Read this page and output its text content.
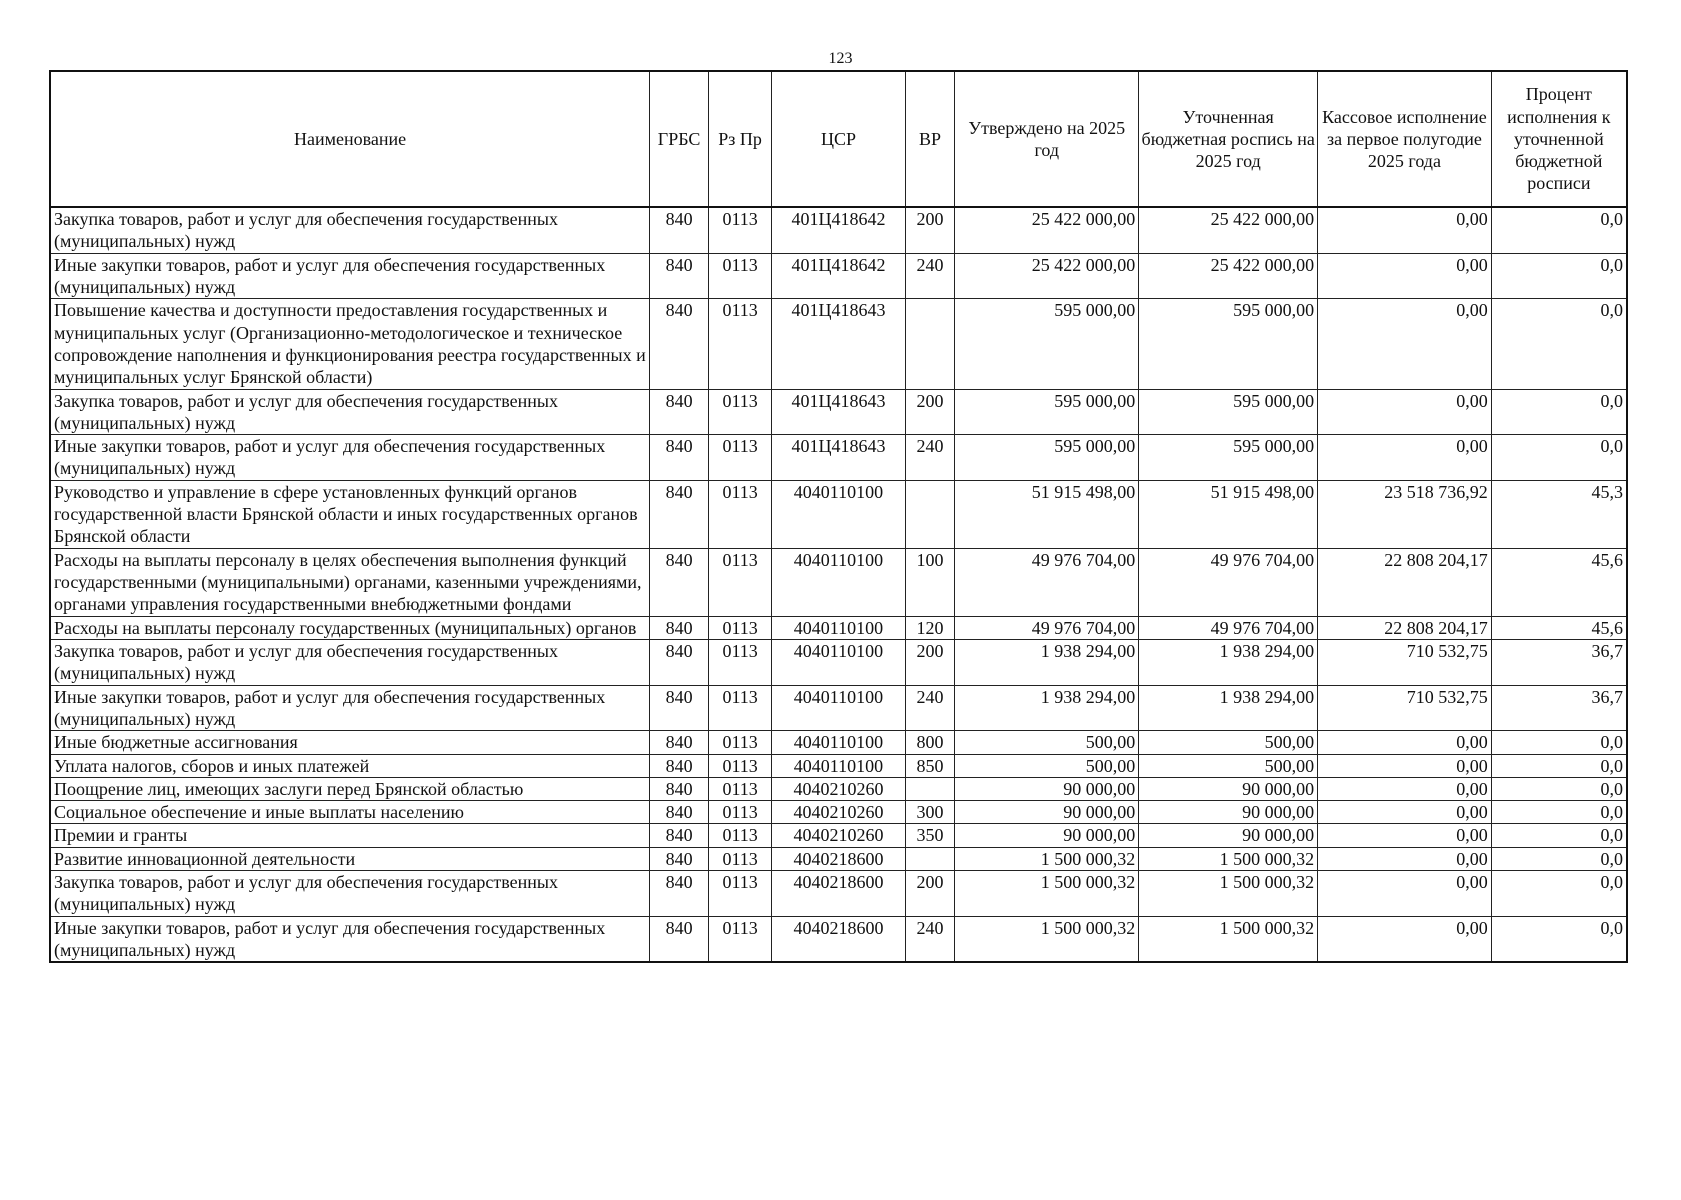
123
Наименование	ГРБС	Рз Пр	ЦСР	ВР	Утверждено на 2025 год	Уточненная бюджетная роспись на 2025 год	Кассовое исполнение за первое полугодие 2025 года	Процент исполнения к уточненной бюджетной росписи
Закупка товаров, работ и услуг для обеспечения государственных (муниципальных) нужд	840	0113	401Ц418642	200	25 422 000,00	25 422 000,00	0,00	0,0
Иные закупки товаров, работ и услуг для обеспечения государственных (муниципальных) нужд	840	0113	401Ц418642	240	25 422 000,00	25 422 000,00	0,00	0,0
Повышение качества и доступности предоставления государственных и муниципальных услуг (Организационно-методологическое и техническое сопровождение наполнения и функционирования реестра государственных и муниципальных услуг Брянской области)	840	0113	401Ц418643		595 000,00	595 000,00	0,00	0,0
Закупка товаров, работ и услуг для обеспечения государственных (муниципальных) нужд	840	0113	401Ц418643	200	595 000,00	595 000,00	0,00	0,0
Иные закупки товаров, работ и услуг для обеспечения государственных (муниципальных) нужд	840	0113	401Ц418643	240	595 000,00	595 000,00	0,00	0,0
Руководство и управление в сфере установленных функций органов государственной власти Брянской области и иных государственных органов Брянской области	840	0113	4040110100		51 915 498,00	51 915 498,00	23 518 736,92	45,3
Расходы на выплаты персоналу в целях обеспечения выполнения функций государственными (муниципальными) органами, казенными учреждениями, органами управления государственными внебюджетными фондами	840	0113	4040110100	100	49 976 704,00	49 976 704,00	22 808 204,17	45,6
Расходы на выплаты персоналу государственных (муниципальных) органов	840	0113	4040110100	120	49 976 704,00	49 976 704,00	22 808 204,17	45,6
Закупка товаров, работ и услуг для обеспечения государственных (муниципальных) нужд	840	0113	4040110100	200	1 938 294,00	1 938 294,00	710 532,75	36,7
Иные закупки товаров, работ и услуг для обеспечения государственных (муниципальных) нужд	840	0113	4040110100	240	1 938 294,00	1 938 294,00	710 532,75	36,7
Иные бюджетные ассигнования	840	0113	4040110100	800	500,00	500,00	0,00	0,0
Уплата налогов, сборов и иных платежей	840	0113	4040110100	850	500,00	500,00	0,00	0,0
Поощрение лиц, имеющих заслуги перед Брянской областью	840	0113	4040210260		90 000,00	90 000,00	0,00	0,0
Социальное обеспечение и иные выплаты населению	840	0113	4040210260	300	90 000,00	90 000,00	0,00	0,0
Премии и гранты	840	0113	4040210260	350	90 000,00	90 000,00	0,00	0,0
Развитие инновационной деятельности	840	0113	4040218600		1 500 000,32	1 500 000,32	0,00	0,0
Закупка товаров, работ и услуг для обеспечения государственных (муниципальных) нужд	840	0113	4040218600	200	1 500 000,32	1 500 000,32	0,00	0,0
Иные закупки товаров, работ и услуг для обеспечения государственных (муниципальных) нужд	840	0113	4040218600	240	1 500 000,32	1 500 000,32	0,00	0,0
